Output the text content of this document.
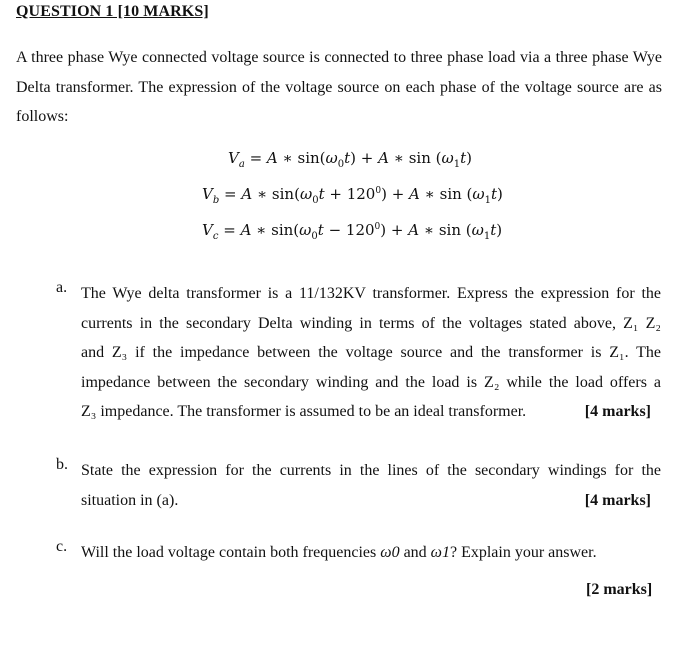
QUESTION 1 [10 MARKS]
A three phase Wye connected voltage source is connected to three phase load via a three phase Wye Delta transformer. The expression of the voltage source on each phase of the voltage source are as follows:
$V_a = A$ ∗ $\sin(\omega_0t) + A$ ∗ $\sin (\omega_1t)$
$V_b = A$ ∗ $\sin(\omega_0t + 120^0) + A$ ∗ $\sin (\omega_1t)$
$V_c = A$ ∗ $\sin(\omega_0t - 120^0) + A$ ∗ $\sin (\omega_1t)$
a. The Wye delta transformer is a 11/132KV transformer. Express the expression for the
currents in the secondary Delta winding in terms of the voltages stated above, Z₁ Z₂
and Z₃ if the impedance between the voltage source and the transformer is Z₁. The
impedance between the secondary winding and the load is Z₂ while the load offers a
Z₃ impedance. The transformer is assumed to be an ideal transformer.	[4 marks]
b. State the expression for the currents in the lines of the secondary windings for the
situation in (a).	[4 marks]
c. Will the load voltage contain both frequencies ω0 and ω1? Explain your answer.
[2 marks]
